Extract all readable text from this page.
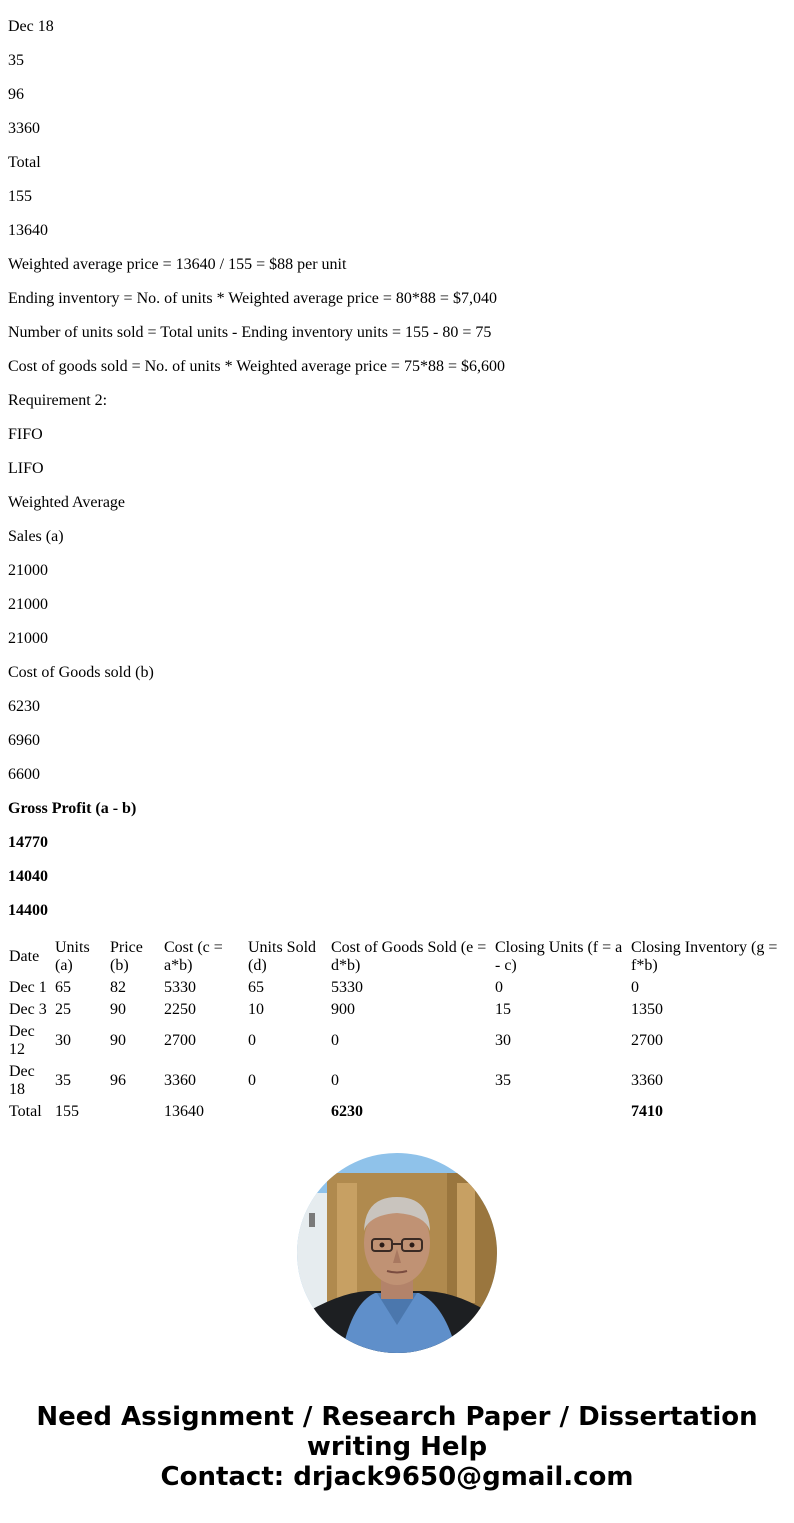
Dec 18

35

96

3360

Total

155

13640

Weighted average price = 13640 / 155 = $88 per unit

Ending inventory = No. of units * Weighted average price = 80*88 = $7,040

Number of units sold = Total units - Ending inventory units = 155 - 80 = 75

Cost of goods sold = No. of units * Weighted average price = 75*88 = $6,600

Requirement 2:

FIFO

LIFO

Weighted Average

Sales (a)

21000

21000

21000

Cost of Goods sold (b)

6230

6960

6600

Gross Profit (a - b)

14770

14040

14400

Date	Units (a)	Price (b)	Cost (c = a*b)	Units Sold (d)	Cost of Goods Sold (e = d*b)	Closing Units (f = a - c)	Closing Inventory (g = f*b)
Dec 1	65	82	5330	65	5330	0	0
Dec 3	25	90	2250	10	900	15	1350
Dec 12	30	90	2700	0	0	30	2700
Dec 18	35	96	3360	0	0	35	3360
Total	155		13640		6230		7410
Need Assignment / Research Paper / Dissertation
writing Help
Contact: drjack9650@gmail.com
